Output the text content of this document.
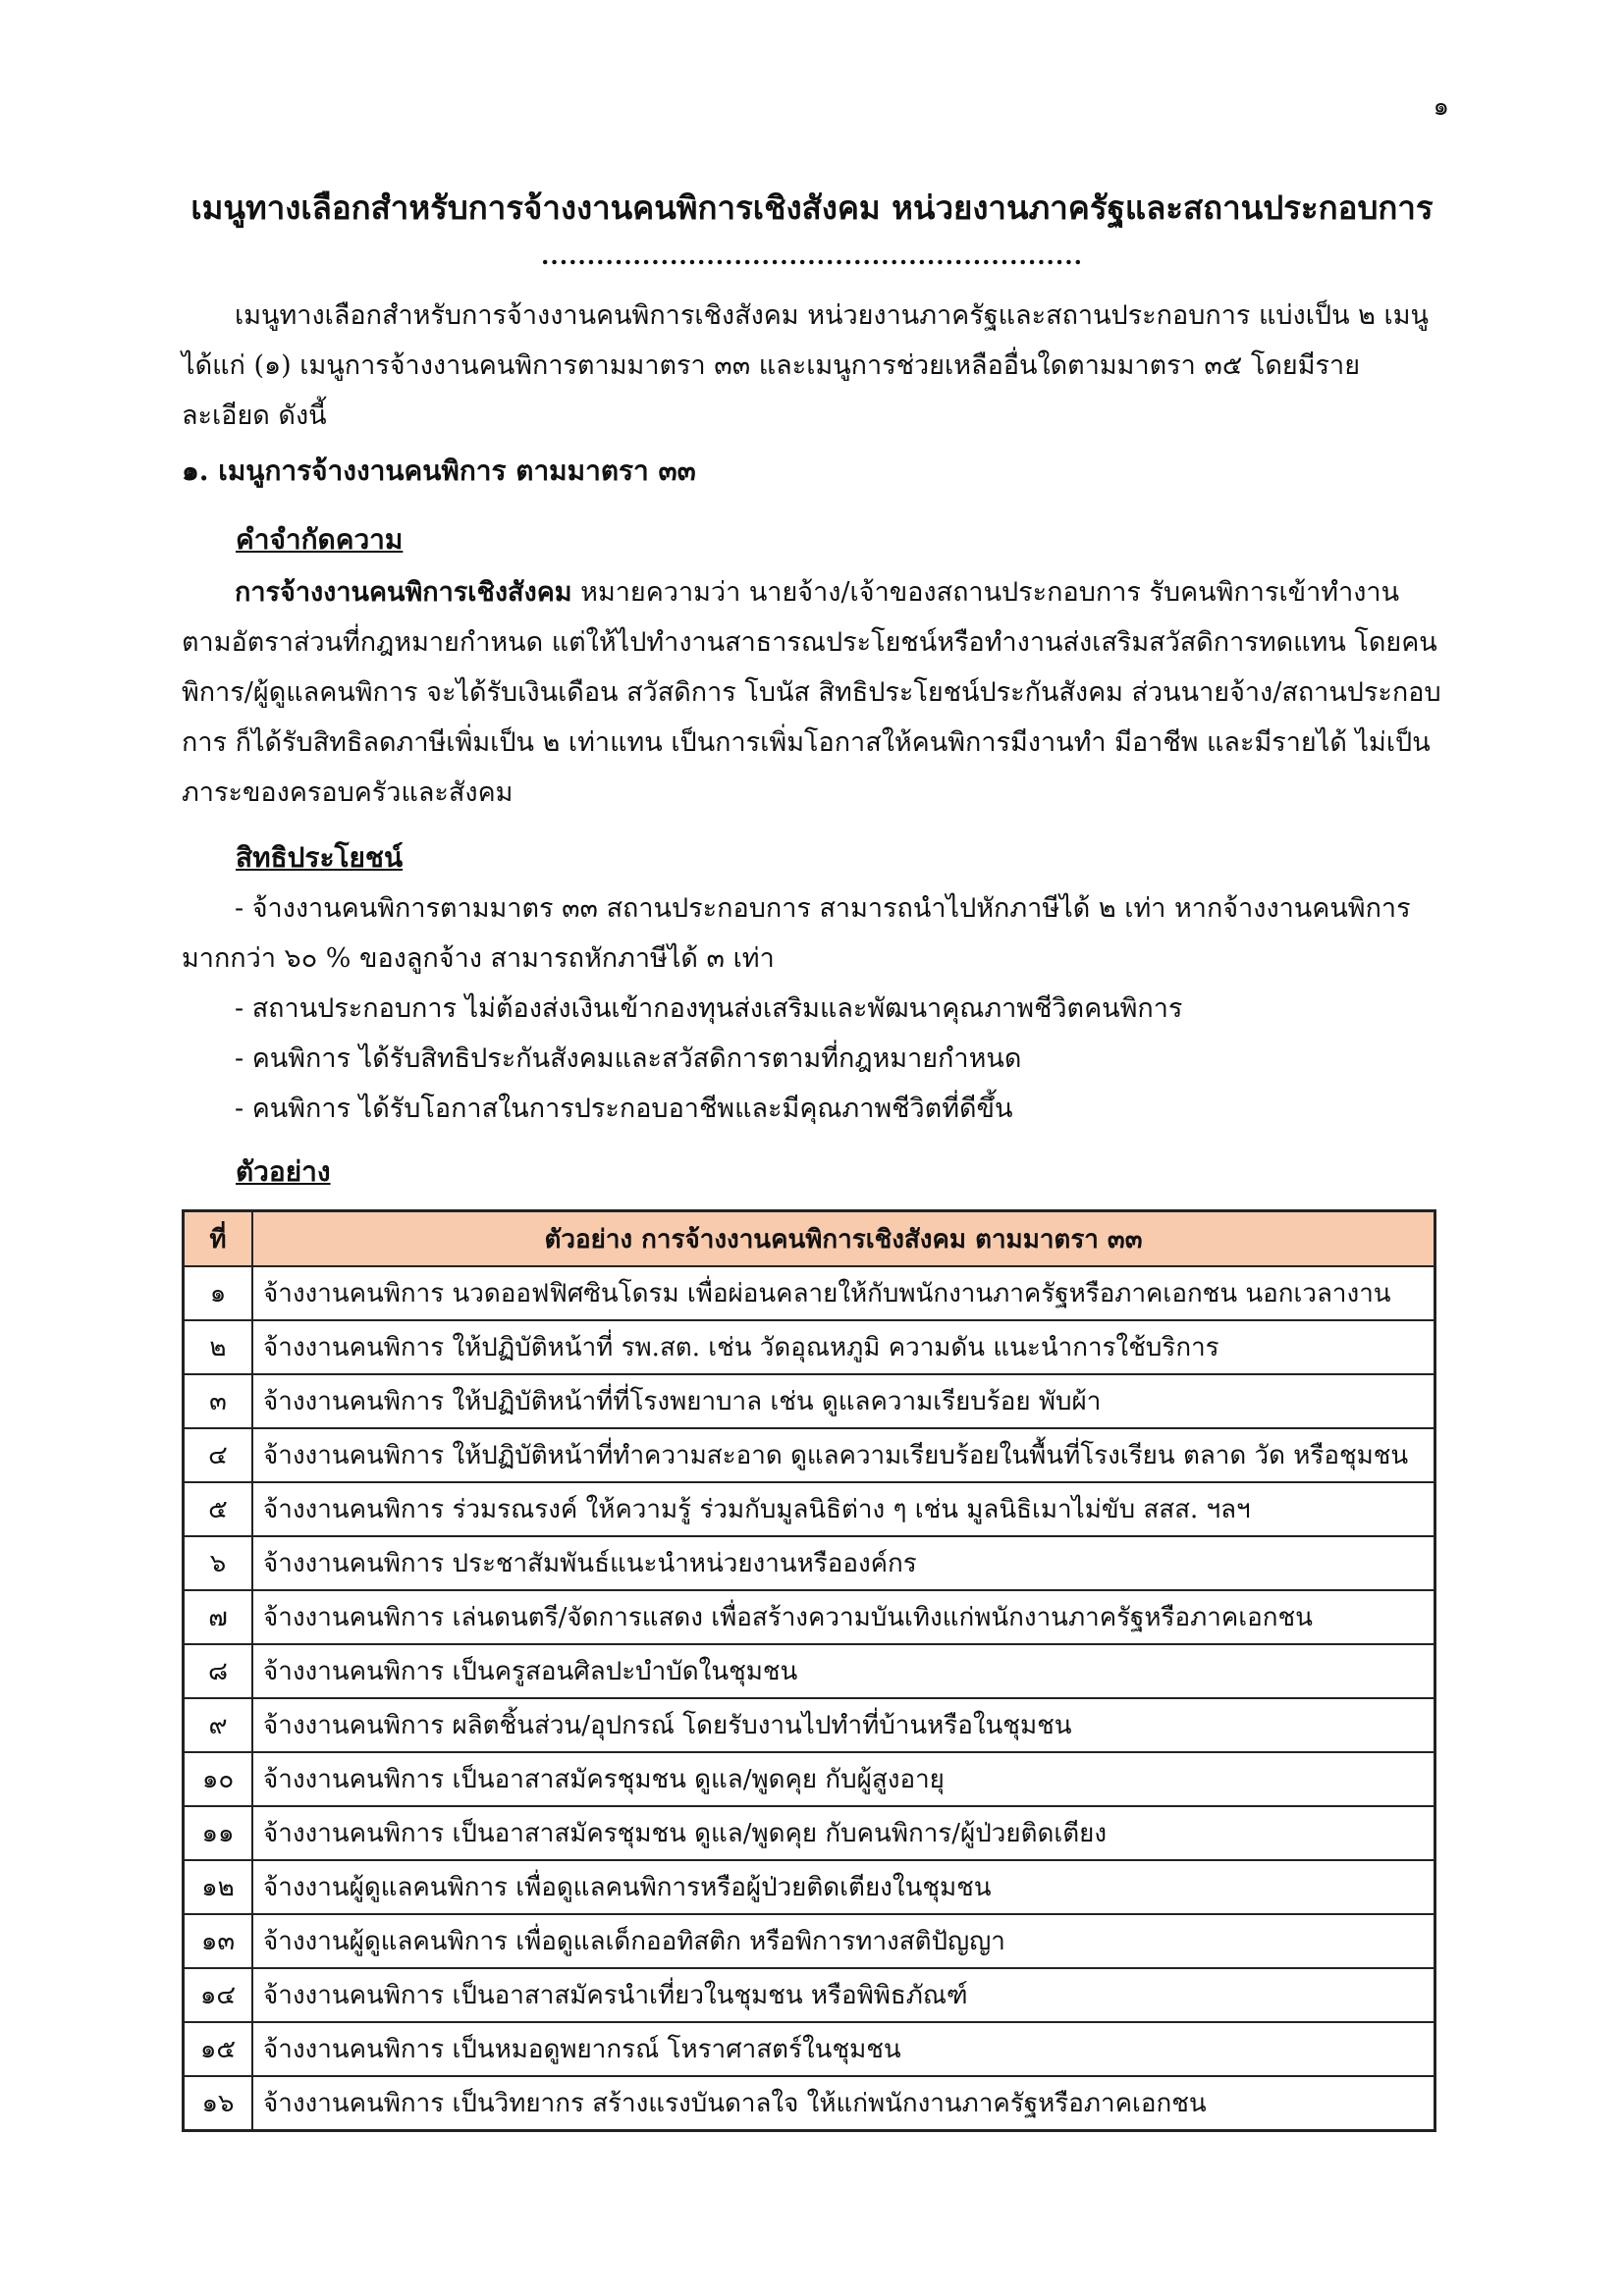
๑
เมนูทางเลือกสำหรับการจ้างงานคนพิการเชิงสังคม หน่วยงานภาครัฐและสถานประกอบการ
...........................................................
เมนูทางเลือกสำหรับการจ้างงานคนพิการเชิงสังคม หน่วยงานภาครัฐและสถานประกอบการ แบ่งเป็น ๒ เมนู ได้แก่ (๑) เมนูการจ้างงานคนพิการตามมาตรา ๓๓ และเมนูการช่วยเหลืออื่นใดตามมาตรา ๓๕ โดยมีรายละเอียด ดังนี้
๑. เมนูการจ้างงานคนพิการ ตามมาตรา ๓๓
คำจำกัดความ
การจ้างงานคนพิการเชิงสังคม หมายความว่า นายจ้าง/เจ้าของสถานประกอบการ รับคนพิการเข้าทำงานตามอัตราส่วนที่กฎหมายกำหนด แต่ให้ไปทำงานสาธารณประโยชน์หรือทำงานส่งเสริมสวัสดิการทดแทน โดยคนพิการ/ผู้ดูแลคนพิการ จะได้รับเงินเดือน สวัสดิการ โบนัส สิทธิประโยชน์ประกันสังคม ส่วนนายจ้าง/สถานประกอบการ ก็ได้รับสิทธิลดภาษีเพิ่มเป็น ๒ เท่าแทน เป็นการเพิ่มโอกาสให้คนพิการมีงานทำ มีอาชีพ และมีรายได้ ไม่เป็นภาระของครอบครัวและสังคม
สิทธิประโยชน์

- จ้างงานคนพิการตามมาตร ๓๓ สถานประกอบการ สามารถนำไปหักภาษีได้ ๒ เท่า หากจ้างงานคนพิการมากกว่า ๖๐ % ของลูกจ้าง สามารถหักภาษีได้ ๓ เท่า

- สถานประกอบการ ไม่ต้องส่งเงินเข้ากองทุนส่งเสริมและพัฒนาคุณภาพชีวิตคนพิการ

- คนพิการ ได้รับสิทธิประกันสังคมและสวัสดิการตามที่กฎหมายกำหนด

- คนพิการ ได้รับโอกาสในการประกอบอาชีพและมีคุณภาพชีวิตที่ดีขึ้น

ตัวอย่าง
ที่	ตัวอย่าง การจ้างงานคนพิการเชิงสังคม ตามมาตรา ๓๓
๑	จ้างงานคนพิการ นวดออฟฟิศซินโดรม เพื่อผ่อนคลายให้กับพนักงานภาครัฐหรือภาคเอกชน นอกเวลางาน
๒	จ้างงานคนพิการ ให้ปฏิบัติหน้าที่ รพ.สต. เช่น วัดอุณหภูมิ ความดัน แนะนำการใช้บริการ
๓	จ้างงานคนพิการ ให้ปฏิบัติหน้าที่ที่โรงพยาบาล เช่น ดูแลความเรียบร้อย พับผ้า
๔	จ้างงานคนพิการ ให้ปฏิบัติหน้าที่ทำความสะอาด ดูแลความเรียบร้อยในพื้นที่โรงเรียน ตลาด วัด หรือชุมชน
๕	จ้างงานคนพิการ ร่วมรณรงค์ ให้ความรู้ ร่วมกับมูลนิธิต่าง ๆ เช่น มูลนิธิเมาไม่ขับ สสส. ฯลฯ
๖	จ้างงานคนพิการ ประชาสัมพันธ์แนะนำหน่วยงานหรือองค์กร
๗	จ้างงานคนพิการ เล่นดนตรี/จัดการแสดง เพื่อสร้างความบันเทิงแก่พนักงานภาครัฐหรือภาคเอกชน
๘	จ้างงานคนพิการ เป็นครูสอนศิลปะบำบัดในชุมชน
๙	จ้างงานคนพิการ ผลิตชิ้นส่วน/อุปกรณ์ โดยรับงานไปทำที่บ้านหรือในชุมชน
๑๐	จ้างงานคนพิการ เป็นอาสาสมัครชุมชน ดูแล/พูดคุย กับผู้สูงอายุ
๑๑	จ้างงานคนพิการ เป็นอาสาสมัครชุมชน ดูแล/พูดคุย กับคนพิการ/ผู้ป่วยติดเตียง
๑๒	จ้างงานผู้ดูแลคนพิการ เพื่อดูแลคนพิการหรือผู้ป่วยติดเตียงในชุมชน
๑๓	จ้างงานผู้ดูแลคนพิการ เพื่อดูแลเด็กออทิสติก หรือพิการทางสติปัญญา
๑๔	จ้างงานคนพิการ เป็นอาสาสมัครนำเที่ยวในชุมชน หรือพิพิธภัณฑ์
๑๕	จ้างงานคนพิการ เป็นหมอดูพยากรณ์ โหราศาสตร์ในชุมชน
๑๖	จ้างงานคนพิการ เป็นวิทยากร สร้างแรงบันดาลใจ ให้แก่พนักงานภาครัฐหรือภาคเอกชน
